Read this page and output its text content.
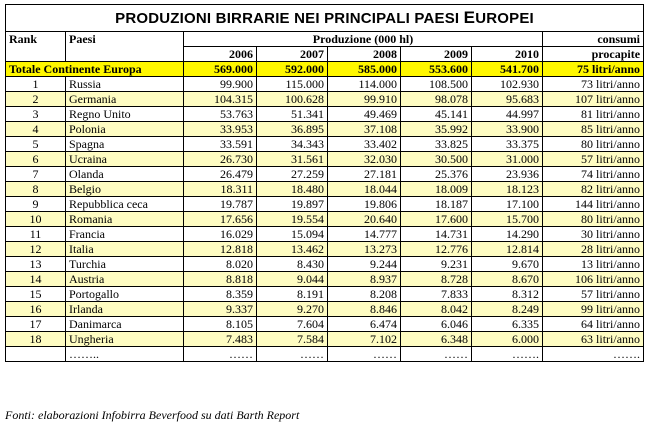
PRODUZIONI BIRRARIE NEI PRINCIPALI PAESI EUROPEI							
Rank	Paesi	Produzione (000 hl)					consumi
		2006	2007	2008	2009	2010	procapite
Totale Continente Europa		569.000	592.000	585.000	553.600	541.700	75 litri/anno
1	Russia	99.900	115.000	114.000	108.500	102.930	73 litri/anno
2	Germania	104.315	100.628	99.910	98.078	95.683	107 litri/anno
3	Regno Unito	53.763	51.341	49.469	45.141	44.997	81 litri/anno
4	Polonia	33.953	36.895	37.108	35.992	33.900	85 litri/anno
5	Spagna	33.591	34.343	33.402	33.825	33.375	80 litri/anno
6	Ucraina	26.730	31.561	32.030	30.500	31.000	57 litri/anno
7	Olanda	26.479	27.259	27.181	25.376	23.936	74 litri/anno
8	Belgio	18.311	18.480	18.044	18.009	18.123	82 litri/anno
9	Repubblica ceca	19.787	19.897	19.806	18.187	17.100	144 litri/anno
10	Romania	17.656	19.554	20.640	17.600	15.700	80 litri/anno
11	Francia	16.029	15.094	14.777	14.731	14.290	30 litri/anno
12	Italia	12.818	13.462	13.273	12.776	12.814	28 litri/anno
13	Turchia	8.020	8.430	9.244	9.231	9.670	13 litri/anno
14	Austria	8.818	9.044	8.937	8.728	8.670	106 litri/anno
15	Portogallo	8.359	8.191	8.208	7.833	8.312	57 litri/anno
16	Irlanda	9.337	9.270	8.846	8.042	8.249	99 litri/anno
17	Danimarca	8.105	7.604	6.474	6.046	6.335	64 litri/anno
18	Ungheria	7.483	7.584	7.102	6.348	6.000	63 litri/anno
	……..	……	……	……	……	…….	…….
Fonti: elaborazioni Infobirra Beverfood su dati Barth Report
